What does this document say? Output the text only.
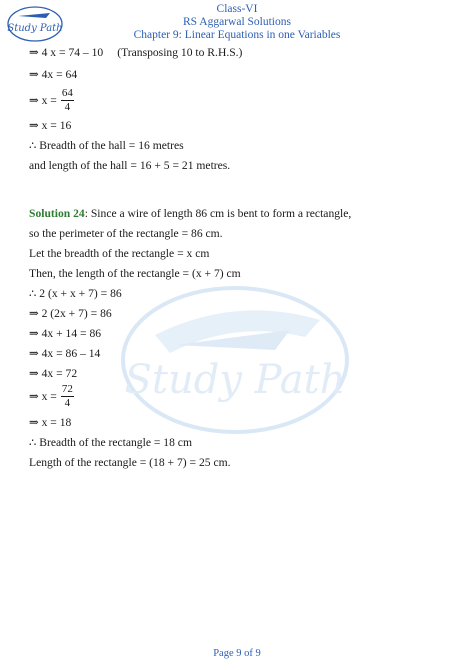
Study Path
Class-VI
RS Aggarwal Solutions
Chapter 9: Linear Equations in one Variables
Study Path
⇒ 4 x = 74 – 10 (Transposing 10 to R.H.S.)
⇒ 4x = 64
⇒ $x = \frac{64}{4}$
⇒ x = 16
∴ Breadth of the hall = 16 metres
and length of the hall = 16 + 5 = 21 metres.
Solution 24: Since a wire of length 86 cm is bent to form a rectangle,
so the perimeter of the rectangle = 86 cm.
Let the breadth of the rectangle = x cm
Then, the length of the rectangle = (x + 7) cm
∴ 2 (x + x + 7) = 86
⇒ 2 (2x + 7) = 86
⇒ 4x + 14 = 86
⇒ 4x = 86 – 14
⇒ 4x = 72
⇒ $x = \frac{72}{4}$
⇒ x = 18
∴ Breadth of the rectangle = 18 cm
Length of the rectangle = (18 + 7) = 25 cm.
Page 9 of 9
